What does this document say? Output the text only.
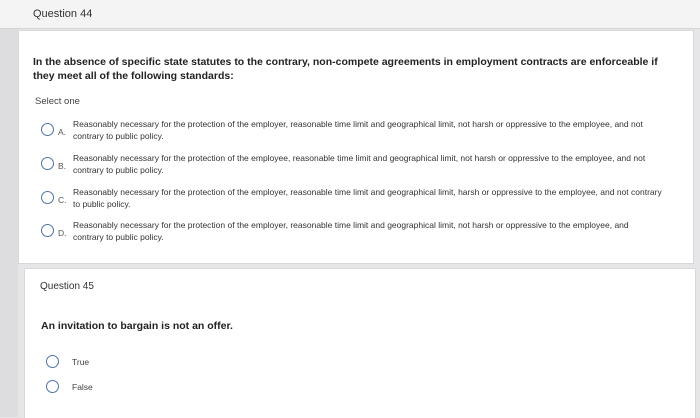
Question 44
In the absence of specific state statutes to the contrary, non-compete agreements in employment contracts are enforceable if they meet all of the following standards:
Select one
A.
Reasonably necessary for the protection of the employer, reasonable time limit and geographical limit, not harsh or oppressive to the employee, and not contrary to public policy.
B.
Reasonably necessary for the protection of the employee, reasonable time limit and geographical limit, not harsh or oppressive to the employee, and not contrary to public policy.
C.
Reasonably necessary for the protection of the employer, reasonable time limit and geographical limit, harsh or oppressive to the employee, and not contrary to public policy.
D.
Reasonably necessary for the protection of the employer, reasonable time limit and geographical limit, not harsh or oppressive to the employee, and contrary to public policy.
Question 45
An invitation to bargain is not an offer.
True
False
